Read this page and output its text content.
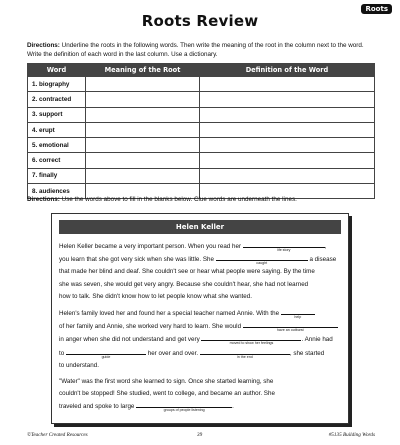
Roots
Roots Review
Directions: Underline the roots in the following words. Then write the meaning of the root in the column next to the word. Write the definition of each word in the last column. Use a dictionary.
Word	Meaning of the Root	Definition of the Word
1. biography		
2. contracted		
3. support		
4. erupt		
5. emotional		
6. correct		
7. finally		
8. audiences		
Directions: Use the words above to fill in the blanks below. Clue words are underneath the lines.
Helen Keller

Helen Keller became a very important person. When you read her	life story	,
you learn that she got very sick when she was little. She	caught	a disease
that made her blind and deaf. She couldn't see or hear what people were saying. By the time
she was seven, she would get very angry. Because she couldn't hear, she had not learned
how to talk. She didn't know how to let people know what she wanted.

Helen's family loved her and found her a special teacher named Annie. With the	help

of her family and Annie, she worked very hard to learn. She would	have an outburst

in anger when she did not understand and get very	moved to show her feelings	. Annie had
to	guide	her over and over.	in the end	, she started
to understand.

"Water" was the first word she learned to sign. Once she started learning, she
couldn't be stopped! She studied, went to college, and became an author. She
traveled and spoke to large	groups of people listening	.

©Teacher Created Resources	39	#5135 Building Words
